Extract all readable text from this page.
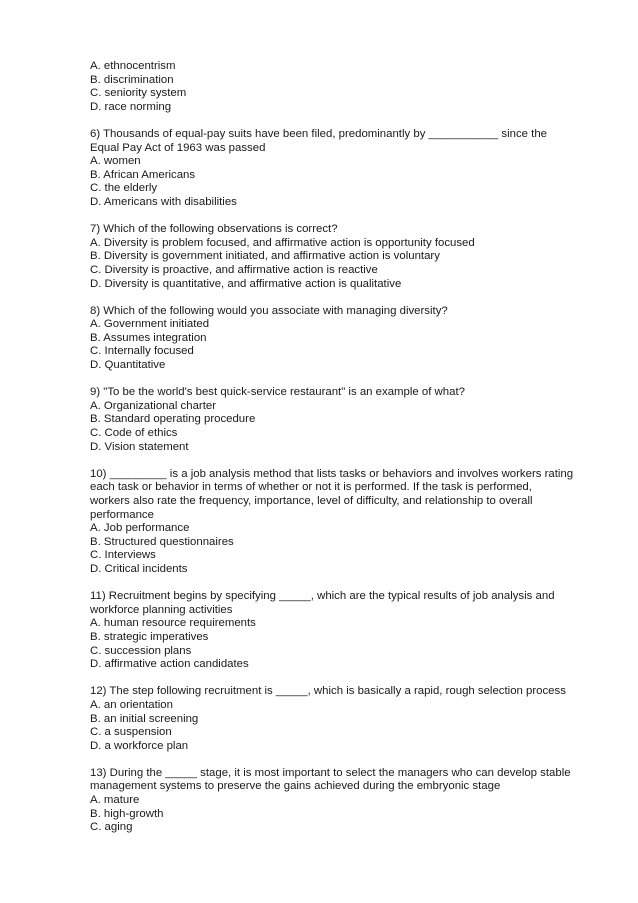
A. ethnocentrism
B. discrimination
C. seniority system
D. race norming
6) Thousands of equal-pay suits have been filed, predominantly by ___________ since the
Equal Pay Act of 1963 was passed
A. women
B. African Americans
C. the elderly
D. Americans with disabilities
7) Which of the following observations is correct?
A. Diversity is problem focused, and affirmative action is opportunity focused
B. Diversity is government initiated, and affirmative action is voluntary
C. Diversity is proactive, and affirmative action is reactive
D. Diversity is quantitative, and affirmative action is qualitative
8) Which of the following would you associate with managing diversity?
A. Government initiated
B. Assumes integration
C. Internally focused
D. Quantitative
9) "To be the world's best quick-service restaurant" is an example of what?
A. Organizational charter
B. Standard operating procedure
C. Code of ethics
D. Vision statement
10) _________ is a job analysis method that lists tasks or behaviors and involves workers rating
each task or behavior in terms of whether or not it is performed. If the task is performed,
workers also rate the frequency, importance, level of difficulty, and relationship to overall
performance
A. Job performance
B. Structured questionnaires
C. Interviews
D. Critical incidents
11) Recruitment begins by specifying _____, which are the typical results of job analysis and
workforce planning activities
A. human resource requirements
B. strategic imperatives
C. succession plans
D. affirmative action candidates
12) The step following recruitment is _____, which is basically a rapid, rough selection process
A. an orientation
B. an initial screening
C. a suspension
D. a workforce plan
13) During the _____ stage, it is most important to select the managers who can develop stable
management systems to preserve the gains achieved during the embryonic stage
A. mature
B. high-growth
C. aging
